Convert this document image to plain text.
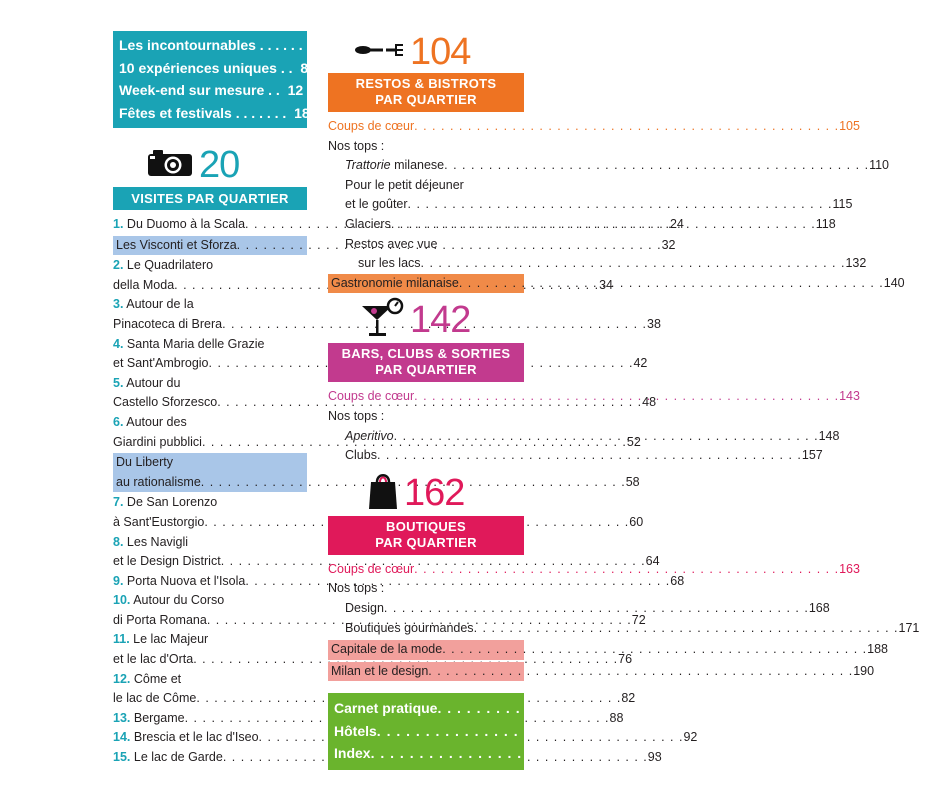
Les incontournables . . . . . . 4
10 expériences uniques . . 8
Week-end sur mesure . . 12
Fêtes et festivals . . . . . . . 18
20
VISITES PAR QUARTIER
1. Du Duomo à la Scala . . .	24
Les Visconti et Sforza . . .	32
2. Le Quadrilatero
della Moda . . .	34
3. Autour de la
Pinacoteca di Brera . . .	38
4. Santa Maria delle Grazie
et Sant'Ambrogio . . .	42
5. Autour du
Castello Sforzesco . . .	48
6. Autour des
Giardini pubblici . . .	52
Du Liberty
au rationalisme . . .	58
7. De San Lorenzo
à Sant'Eustorgio . . .	60
8. Les Navigli
et le Design District . . .	64
9. Porta Nuova et l'Isola . . .	68
10. Autour du Corso
di Porta Romana . . .	72
11. Le lac Majeur
et le lac d'Orta . . .	76
12. Côme et
le lac de Côme . . .	82
13. Bergame . . .	88
14. Brescia et le lac d'Iseo . . .	92
15. Le lac de Garde . . .	98
104
RESTOS & BISTROTS
PAR QUARTIER
Coups de cœur . . .	105
Nos tops :
Trattorie milanese . . .	110
Pour le petit déjeuner
et le goûter . . .	115
Glaciers . . .	118
Restos avec vue
sur les lacs . . .	132
Gastronomie milanaise . . .	140
142
BARS, CLUBS & SORTIES
PAR QUARTIER
Coups de cœur . . .	143
Nos tops :
Aperitivo . . .	148
Clubs . . .	157
162
BOUTIQUES
PAR QUARTIER
Coups de cœur . . .	163
Nos tops :
Design . . .	168
Boutiques gourmandes . . .	171
Capitale de la mode . . .	188
Milan et le design . . .	190
Carnet pratique . . .	192
Hôtels . . .	207
Index . . .	216
